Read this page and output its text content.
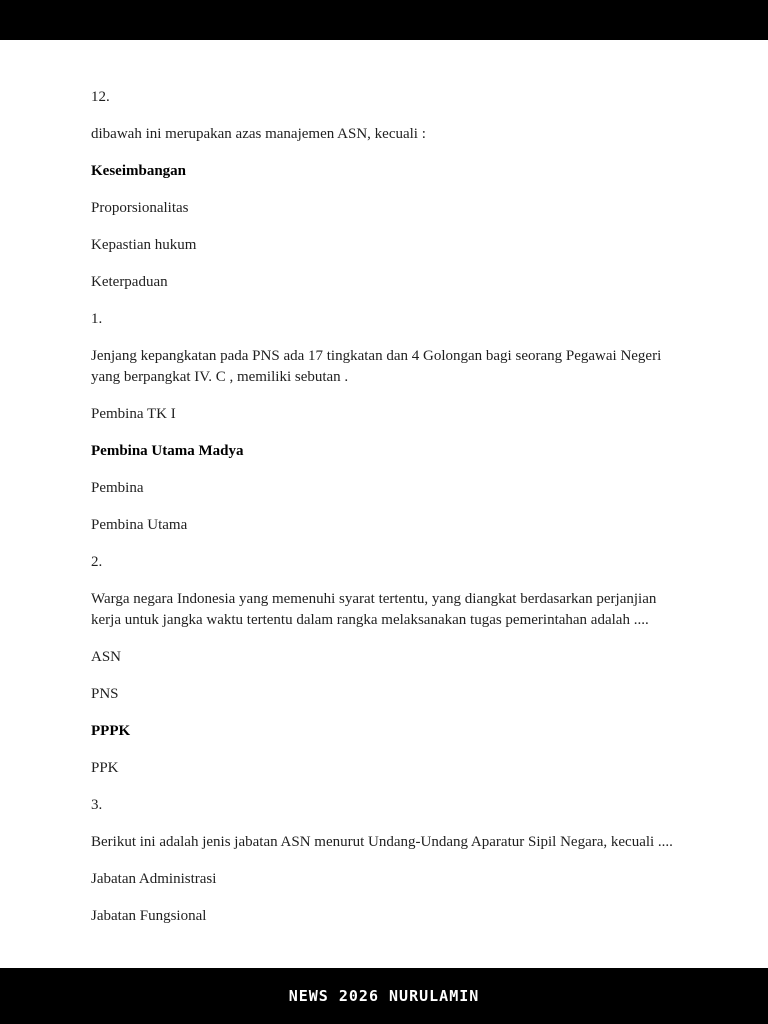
12.

dibawah ini merupakan azas manajemen ASN, kecuali :

Keseimbangan

Proporsionalitas

Kepastian hukum

Keterpaduan

1.

Jenjang kepangkatan pada PNS ada 17 tingkatan dan 4 Golongan bagi seorang Pegawai Negeri yang berpangkat IV. C , memiliki sebutan .

Pembina TK I

Pembina Utama Madya

Pembina

Pembina Utama

2.

Warga negara Indonesia yang memenuhi syarat tertentu, yang diangkat berdasarkan perjanjian kerja untuk jangka waktu tertentu dalam rangka melaksanakan tugas pemerintahan adalah ....

ASN

PNS

PPPK

PPK

3.

Berikut ini adalah jenis jabatan ASN menurut Undang-Undang Aparatur Sipil Negara, kecuali ....

Jabatan Administrasi

Jabatan Fungsional

NEWS 2026 NURULAMIN
